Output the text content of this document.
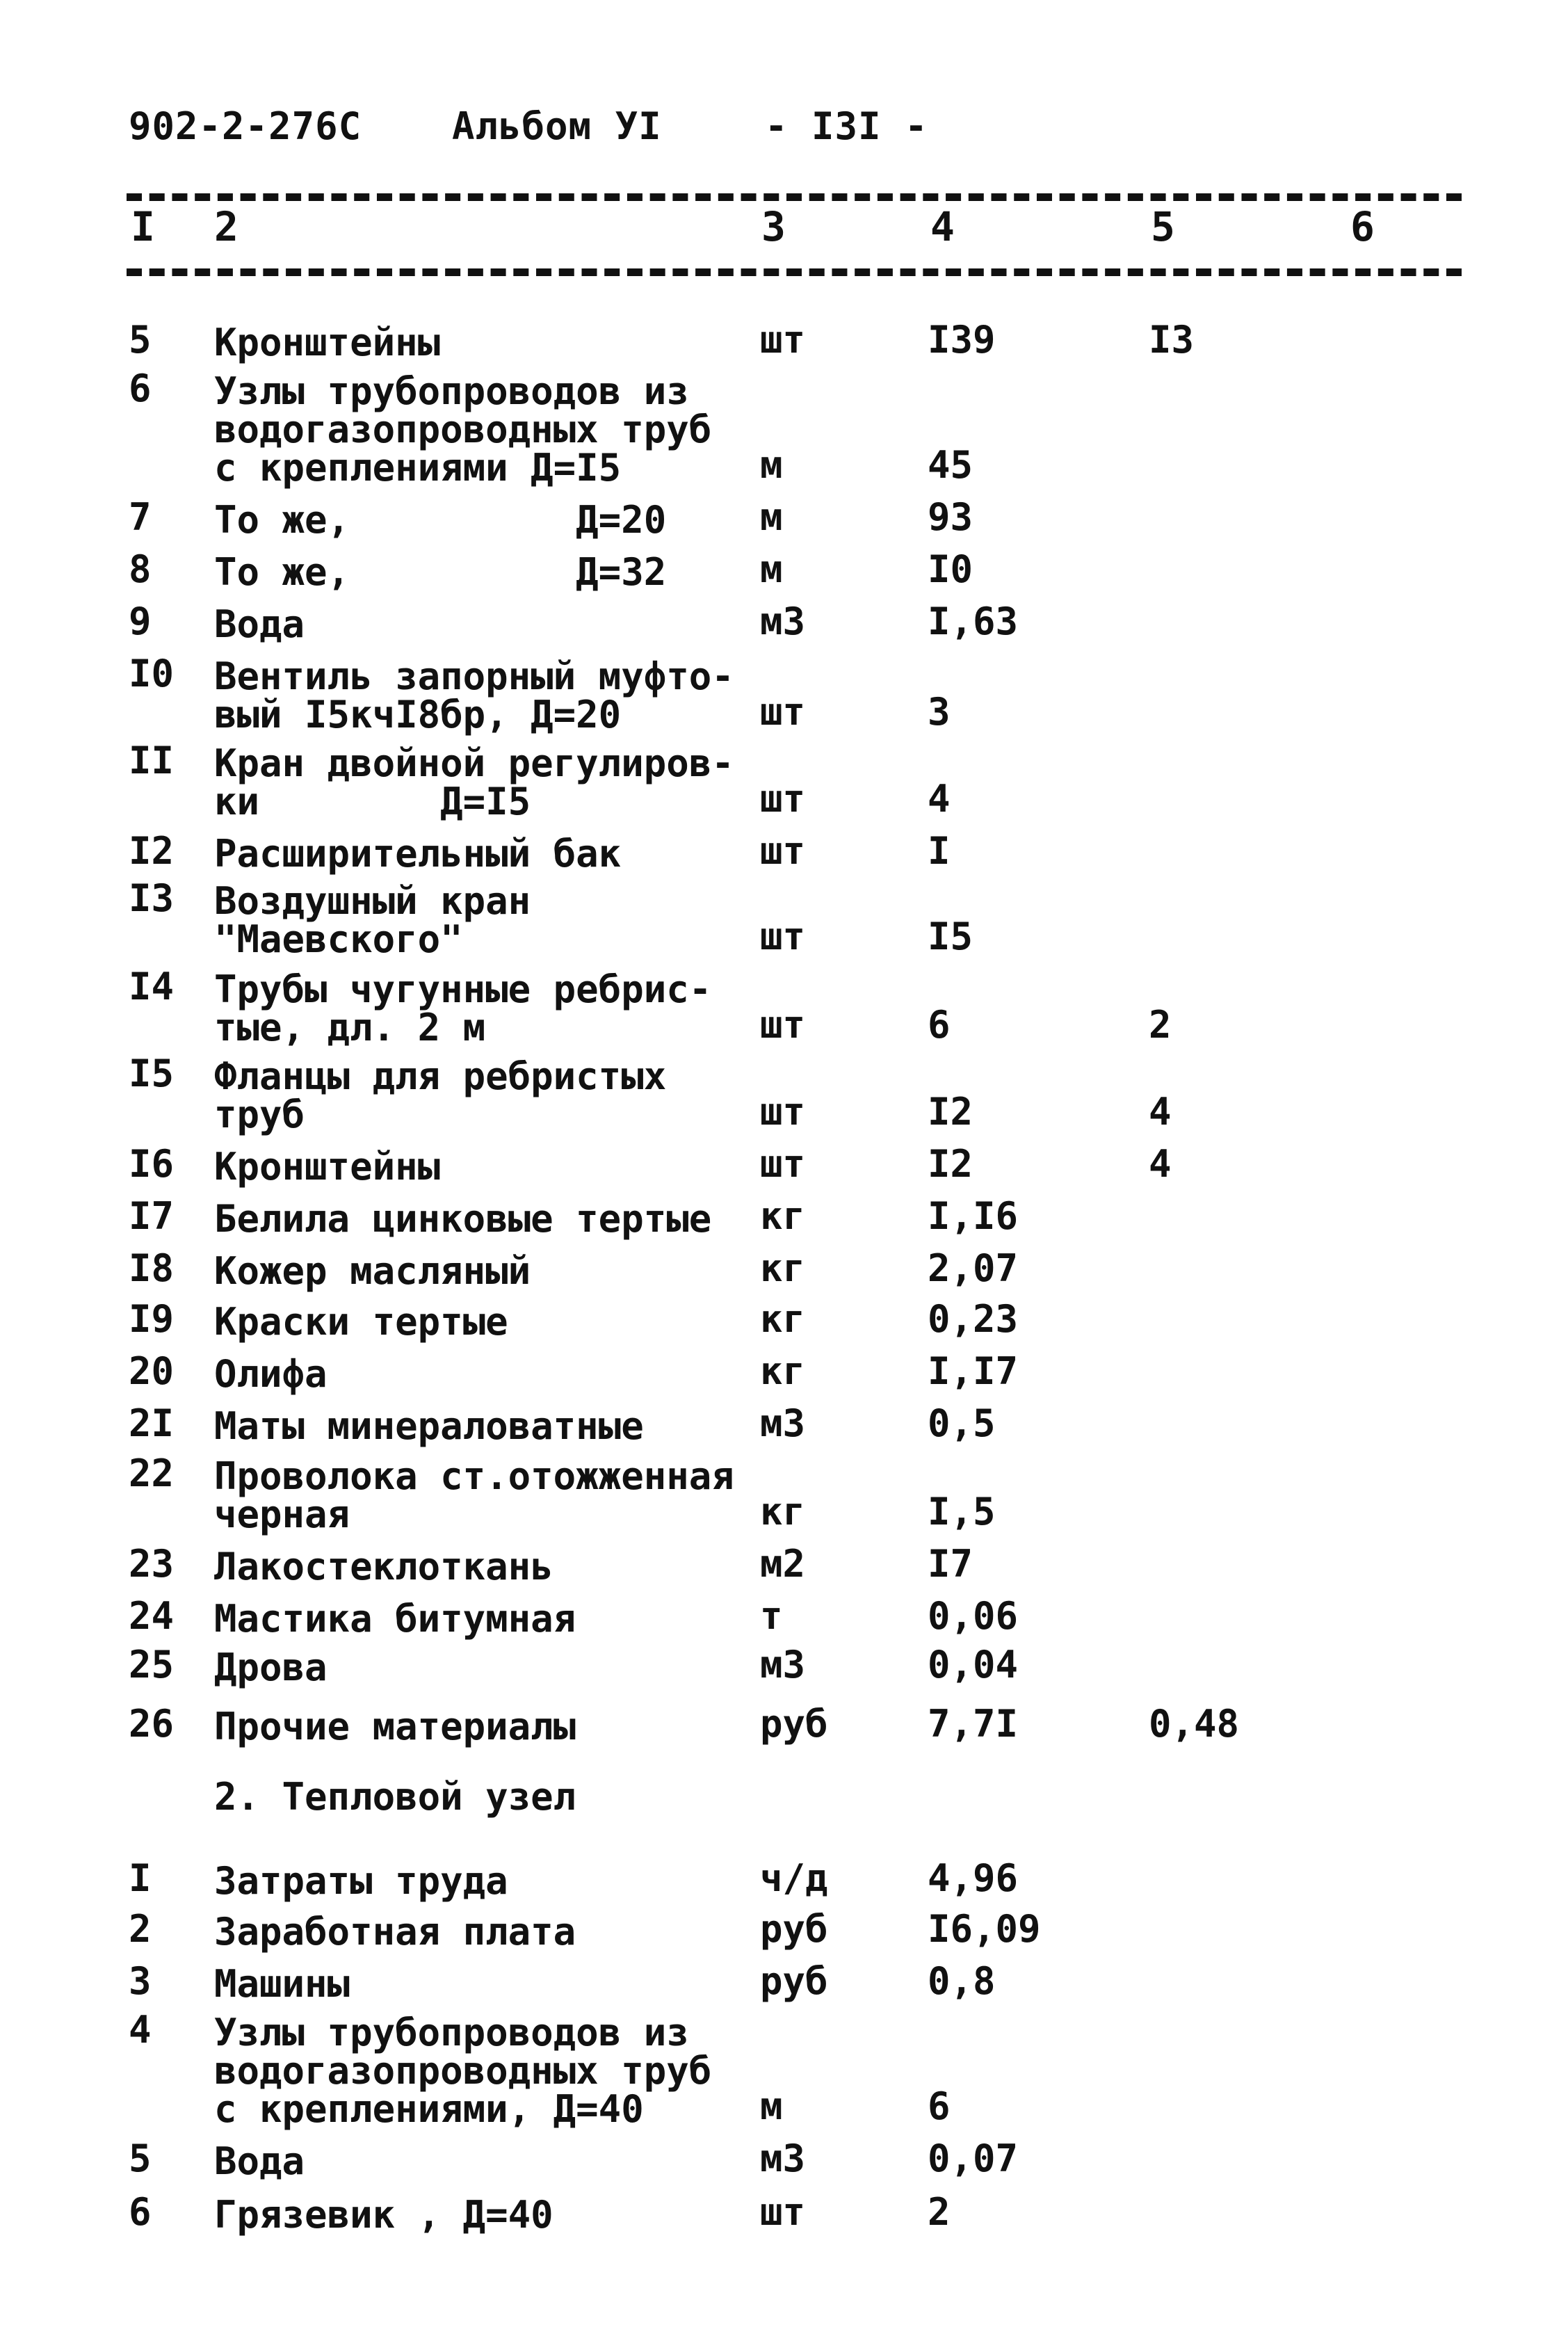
902-2-276С Альбом УI	- I3I -
I 2	3	4	5	6
5 Кронштейны	шт	I39	I3
6 Узлы трубопроводов из
водогазопроводных труб
с креплениями Д=I5	м	45
7 То же,          Д=20 м	93
8 То же,          Д=32 м	I0
9 Вода	м3	I,63
I0 Вентиль запорный муфто-
вый I5кчI8бр, Д=20	шт	3
II Кран двойной регулиров-
ки        Д=I5	шт	4
I2 Расширительный бак	шт	I
I3 Воздушный кран
"Маевского"	шт	I5
I4 Трубы чугунные ребрис-
тые, дл. 2 м	шт	6	2
I5 Фланцы для ребристых
труб	шт	I2	4
I6 Кронштейны	шт	I2	4
I7 Белила цинковые тертые кг	I,I6
I8 Кожер масляный	кг	2,07
I9 Краски тертые	кг	0,23
20 Олифа	кг	I,I7
2I Маты минераловатные	м3	0,5
22 Проволока ст.отожженная
черная	кг	I,5
23 Лакостеклоткань	м2	I7
24 Мастика битумная	т	0,06
25 Дрова	м3	0,04
26 Прочие материалы	руб	7,7I	0,48
2. Тепловой узел
I Затраты труда	ч/д	4,96
2 Заработная плата	руб	I6,09
3 Машины	руб	0,8
4 Узлы трубопроводов из
водогазопроводных труб
с креплениями, Д=40	м	6
5 Вода	м3	0,07
6 Грязевик , Д=40	шт	2
